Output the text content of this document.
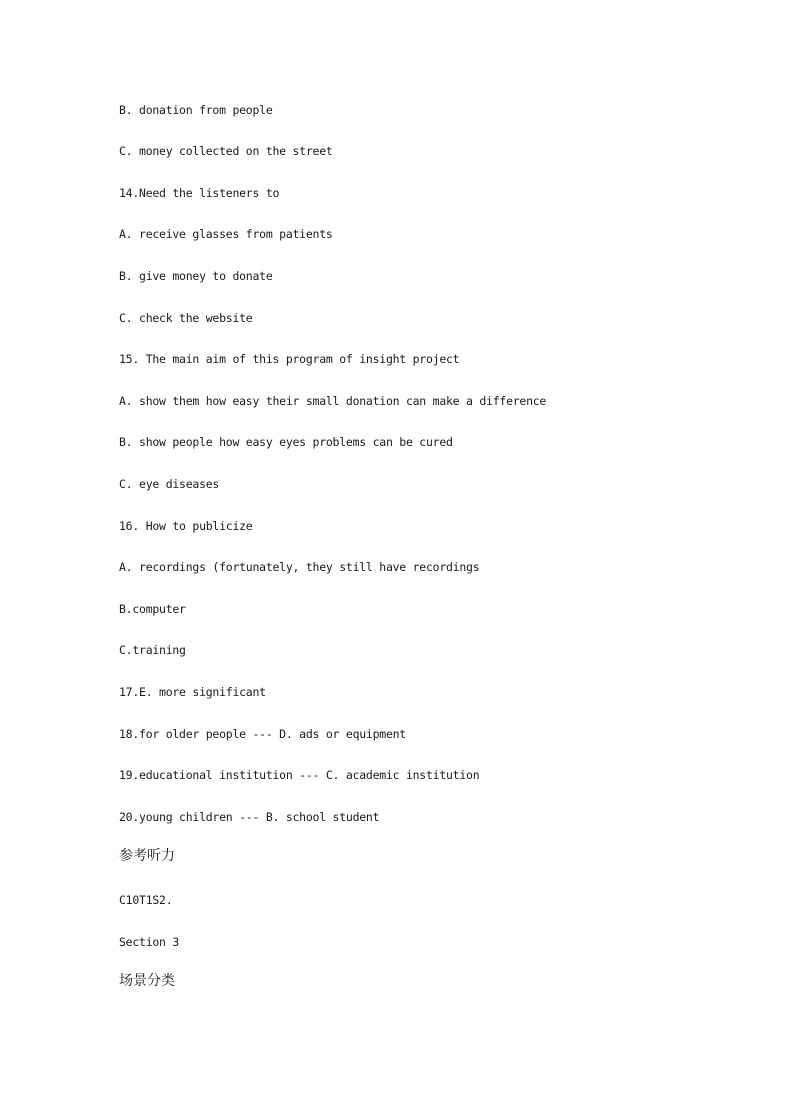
B. donation from people
C. money collected on the street
14.Need the listeners to
A. receive glasses from patients
B. give money to donate
C. check the website
15. The main aim of this program of insight project
A. show them how easy their small donation can make a difference
B. show people how easy eyes problems can be cured
C. eye diseases
16. How to publicize
A. recordings (fortunately, they still have recordings
B.computer
C.training
17.E. more significant
18.for older people --- D. ads or equipment
19.educational institution --- C. academic institution
20.young children --- B. school student
参考听力
C10T1S2.
Section 3
场景分类
